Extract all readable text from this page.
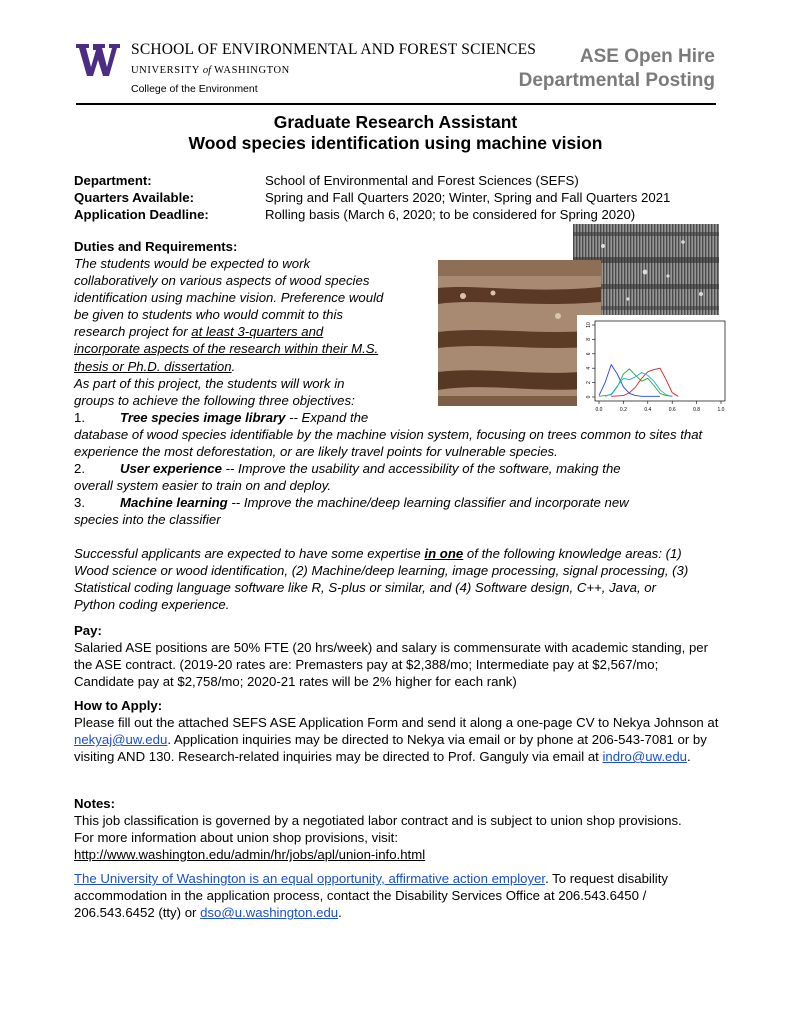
SCHOOL OF ENVIRONMENTAL AND FOREST SCIENCES
UNIVERSITY of WASHINGTON
College of the Environment
ASE Open Hire
Departmental Posting
Graduate Research Assistant
Wood species identification using machine vision
Department:	School of Environmental and Forest Sciences (SEFS)
Quarters Available:	Spring and Fall Quarters 2020; Winter, Spring and Fall Quarters 2021
Application Deadline:	Rolling basis (March 6, 2020; to be considered for Spring 2020)
0
2
4
6
8
10
0.0	0.2	0.4	0.6	0.8	1.0
Duties and Requirements:
The students would be expected to work
collaboratively on various aspects of wood species
identification using machine vision. Preference would
be given to students who would commit to this
research project for at least 3-quarters and
incorporate aspects of the research within their M.S.
thesis or Ph.D. dissertation.
As part of this project, the students will work in
groups to achieve the following three objectives:
1.	Tree species image library -- Expand the
database of wood species identifiable by the machine vision system, focusing on trees common to sites that experience the most deforestation, or are likely travel points for vulnerable species.
2.	User experience -- Improve the usability and accessibility of the software, making the
overall system easier to train on and deploy.
3.	Machine learning -- Improve the machine/deep learning classifier and incorporate new
species into the classifier
Successful applicants are expected to have some expertise in one of the following knowledge areas: (1) Wood science or wood identification, (2) Machine/deep learning, image processing, signal processing, (3) Statistical coding language software like R, S-plus or similar, and (4) Software design, C++, Java, or Python coding experience.
Pay:
Salaried ASE positions are 50% FTE (20 hrs/week) and salary is commensurate with academic standing, per the ASE contract. (2019-20 rates are: Premasters pay at $2,388/mo; Intermediate pay at $2,567/mo; Candidate pay at $2,758/mo; 2020-21 rates will be 2% higher for each rank)
How to Apply:
Please fill out the attached SEFS ASE Application Form and send it along a one-page CV to Nekya Johnson at nekyaj@uw.edu. Application inquiries may be directed to Nekya via email or by phone at 206-543-7081 or by visiting AND 130. Research-related inquiries may be directed to Prof. Ganguly via email at indro@uw.edu.
Notes:
This job classification is governed by a negotiated labor contract and is subject to union shop provisions. For more information about union shop provisions, visit:
http://www.washington.edu/admin/hr/jobs/apl/union-info.html
The University of Washington is an equal opportunity, affirmative action employer. To request disability accommodation in the application process, contact the Disability Services Office at 206.543.6450 / 206.543.6452 (tty) or dso@u.washington.edu.
